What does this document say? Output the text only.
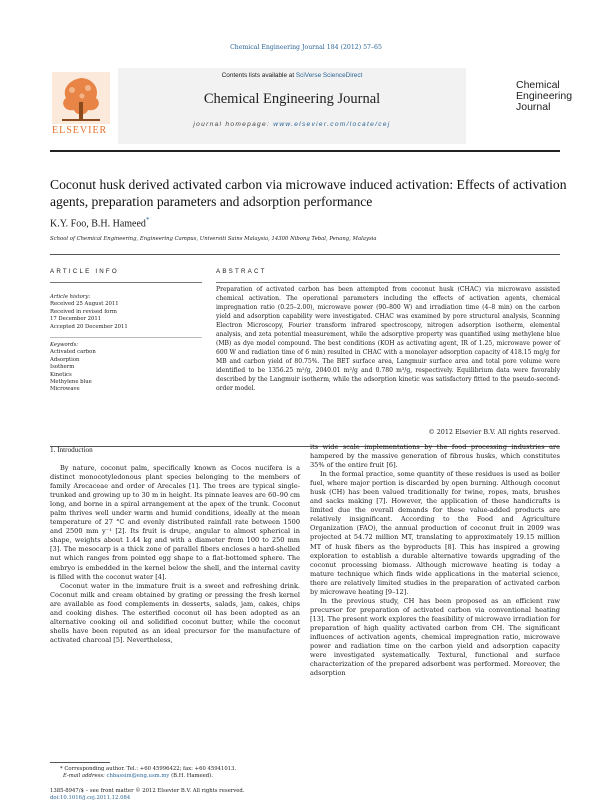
Chemical Engineering Journal 184 (2012) 57–65
ELSEVIER
Contents lists available at SciVerse ScienceDirect
Chemical Engineering Journal
journal homepage: www.elsevier.com/locate/cej
Chemical
Engineering
Journal
Coconut husk derived activated carbon via microwave induced activation: Effects of activation agents, preparation parameters and adsorption performance
K.Y. Foo, B.H. Hameed*
School of Chemical Engineering, Engineering Campus, Universiti Sains Malaysia, 14300 Nibong Tebal, Penang, Malaysia
ARTICLE INFO
Article history:
Received 25 August 2011
Received in revised form
17 December 2011
Accepted 20 December 2011
Keywords:
Activated carbon
Adsorption
Isotherm
Kinetics
Methylene blue
Microwave
ABSTRACT
Preparation of activated carbon has been attempted from coconut husk (CHAC) via microwave assisted chemical activation. The operational parameters including the effects of activation agents, chemical impregnation ratio (0.25–2.00), microwave power (90–800 W) and irradiation time (4–8 min) on the carbon yield and adsorption capability were investigated. CHAC was examined by pore structural analysis, Scanning Electron Microscopy, Fourier transform infrared spectroscopy, nitrogen adsorption isotherm, elemental analysis, and zeta potential measurement, while the adsorptive property was quantified using methylene blue (MB) as dye model compound. The best conditions (KOH as activating agent, IR of 1.25, microwave power of 600 W and radiation time of 6 min) resulted in CHAC with a monolayer adsorption capacity of 418.15 mg/g for MB and carbon yield of 80.75%. The BET surface area, Langmuir surface area and total pore volume were identified to be 1356.25 m²/g, 2040.01 m²/g and 0.780 m³/g, respectively. Equilibrium data were favorably described by the Langmuir isotherm, while the adsorption kinetic was satisfactory fitted to the pseudo-second-order model.
© 2012 Elsevier B.V. All rights reserved.
1. Introduction

By nature, coconut palm, specifically known as Cocos nucifera is a distinct monocotyledonous plant species belonging to the members of family Arecaceae and order of Arecales [1]. The trees are typical single-trunked and growing up to 30 m in height. Its pinnate leaves are 60–90 cm long, and borne in a spiral arrangement at the apex of the trunk. Coconut palm thrives well under warm and humid conditions, ideally at the mean temperature of 27 °C and evenly distributed rainfall rate between 1500 and 2500 mm y⁻¹ [2]. Its fruit is drupe, angular to almost spherical in shape, weights about 1.44 kg and with a diameter from 100 to 250 mm [3]. The mesocarp is a thick zone of parallel fibers encloses a hard-shelled nut which ranges from pointed egg shape to a flat-bottomed sphere. The embryo is embedded in the kernel below the shell, and the internal cavity is filled with the coconut water [4].

Coconut water in the immature fruit is a sweet and refreshing drink. Coconut milk and cream obtained by grating or pressing the fresh kernel are available as food complements in desserts, salads, jam, cakes, chips and cooking dishes. The esterified coconut oil has been adopted as an alternative cooking oil and solidified coconut butter, while the coconut shells have been reputed as an ideal precursor for the manufacture of activated charcoal [5]. Nevertheless,

its wide scale implementations by the food processing industries are hampered by the massive generation of fibrous husks, which constitutes 35% of the entire fruit [6].

In the formal practice, some quantity of these residues is used as boiler fuel, where major portion is discarded by open burning. Although coconut husk (CH) has been valued traditionally for twine, ropes, mats, brushes and sacks making [7]. However, the application of these handicrafts is limited due the overall demands for these value-added products are relatively insignificant. According to the Food and Agriculture Organization (FAO), the annual production of coconut fruit in 2009 was projected at 54.72 million MT, translating to approximately 19.15 million MT of husk fibers as the byproducts [8]. This has inspired a growing exploration to establish a durable alternative towards upgrading of the coconut processing biomass. Although microwave heating is today a mature technique which finds wide applications in the material science, there are relatively limited studies in the preparation of activated carbon by microwave heating [9–12].

In the previous study, CH has been proposed as an efficient raw precursor for preparation of activated carbon via conventional heating [13]. The present work explores the feasibility of microwave irradiation for preparation of high quality activated carbon from CH. The significant influences of activation agents, chemical impregnation ratio, microwave power and radiation time on the carbon yield and adsorption capacity were investigated systematically. Textural, functional and surface characterization of the prepared adsorbent was performed. Moreover, the adsorption

* Corresponding author. Tel.: +60 45996422; fax: +60 45941013.
E-mail address: chbassim@eng.usm.my (B.H. Hameed).
1385-8947/$ – see front matter © 2012 Elsevier B.V. All rights reserved.
doi:10.1016/j.cej.2011.12.084
